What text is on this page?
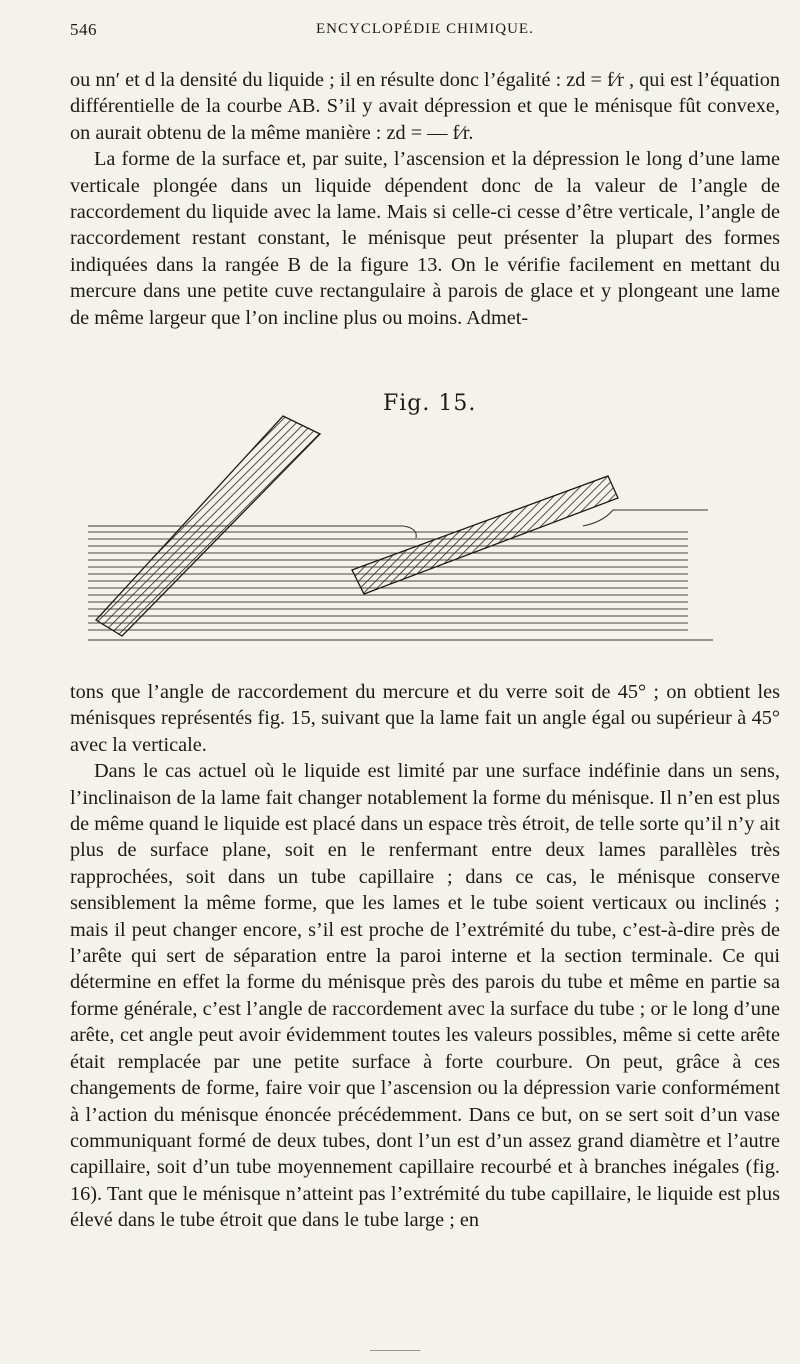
546	ENCYCLOPÉDIE CHIMIQUE.

ou nn′ et d la densité du liquide ; il en résulte donc l’égalité : zd = f⁄r , qui est l’équation différentielle de la courbe AB. S’il y avait dépression et que le ménisque fût convexe, on aurait obtenu de la même manière : zd = — f⁄r.

La forme de la surface et, par suite, l’ascension et la dépression le long d’une lame verticale plongée dans un liquide dépendent donc de la valeur de l’angle de raccordement du liquide avec la lame. Mais si celle-ci cesse d’être verticale, l’angle de raccordement restant constant, le ménisque peut présenter la plupart des formes indiquées dans la rangée B de la figure 13. On le vérifie facilement en mettant du mercure dans une petite cuve rectangulaire à parois de glace et y plongeant une lame de même largeur que l’on incline plus ou moins. Admet-

Fig. 15.

tons que l’angle de raccordement du mercure et du verre soit de 45° ; on obtient les ménisques représentés fig. 15, suivant que la lame fait un angle égal ou supérieur à 45° avec la verticale.

Dans le cas actuel où le liquide est limité par une surface indéfinie dans un sens, l’inclinaison de la lame fait changer notablement la forme du ménisque. Il n’en est plus de même quand le liquide est placé dans un espace très étroit, de telle sorte qu’il n’y ait plus de surface plane, soit en le renfermant entre deux lames parallèles très rapprochées, soit dans un tube capillaire ; dans ce cas, le ménisque conserve sensiblement la même forme, que les lames et le tube soient verticaux ou inclinés ; mais il peut changer encore, s’il est proche de l’extrémité du tube, c’est-à-dire près de l’arête qui sert de séparation entre la paroi interne et la section terminale. Ce qui détermine en effet la forme du ménisque près des parois du tube et même en partie sa forme générale, c’est l’angle de raccordement avec la surface du tube ; or le long d’une arête, cet angle peut avoir évidemment toutes les valeurs possibles, même si cette arête était remplacée par une petite surface à forte courbure. On peut, grâce à ces changements de forme, faire voir que l’ascension ou la dépression varie conformément à l’action du ménisque énoncée précédemment. Dans ce but, on se sert soit d’un vase communiquant formé de deux tubes, dont l’un est d’un assez grand diamètre et l’autre capillaire, soit d’un tube moyennement capillaire recourbé et à branches inégales (fig. 16). Tant que le ménisque n’atteint pas l’extrémité du tube capillaire, le liquide est plus élevé dans le tube étroit que dans le tube large ; en
